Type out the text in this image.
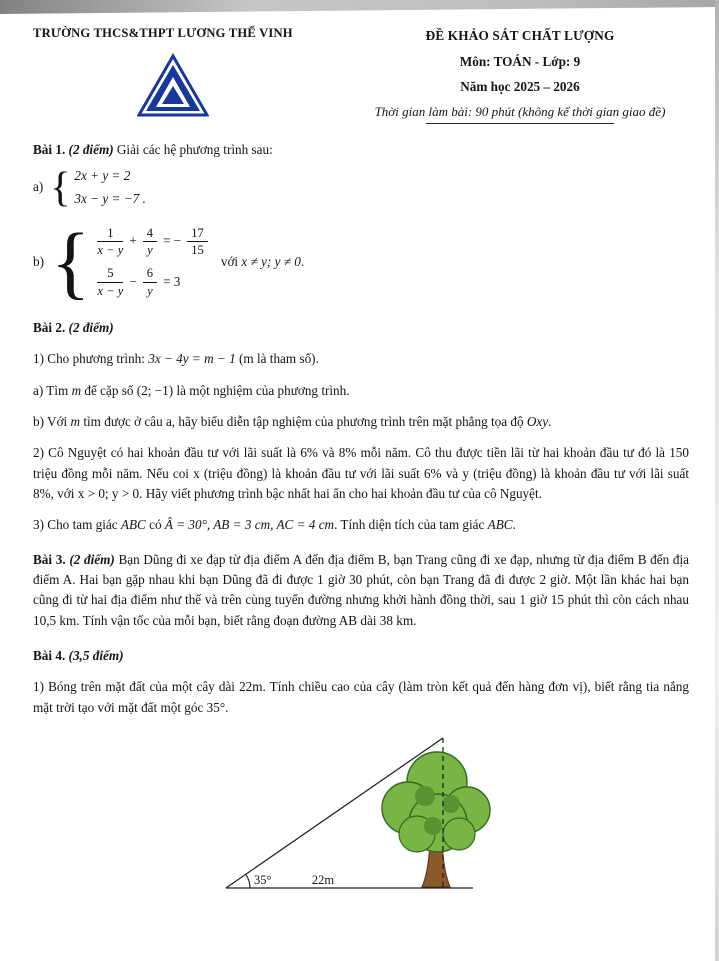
TRƯỜNG THCS&THPT LƯƠNG THẾ VINH	ĐỀ KHẢO SÁT CHẤT LƯỢNG
Môn: TOÁN - Lớp: 9
Năm học 2025 – 2026
Thời gian làm bài: 90 phút (không kể thời gian giao đề)
Bài 1. (2 điểm) Giải các hệ phương trình sau:
a) { 2x + y = 2
3x − y = −7 .
b) { $\frac{1}{x - y} + \frac{4}{y}$ = − $\frac{17}{15}$
$\frac{5}{x - y} - \frac{6}{y} = 3$
với x ≠ y; y ≠ 0.
Bài 2. (2 điểm)

1) Cho phương trình: 3x − 4y = m − 1 (m là tham số).

a) Tìm m để cặp số (2; −1) là một nghiệm của phương trình.

b) Với m tìm được ở câu a, hãy biểu diễn tập nghiệm của phương trình trên mặt phẳng tọa độ Oxy.

2) Cô Nguyệt có hai khoản đầu tư với lãi suất là 6% và 8% mỗi năm. Cô thu được tiền lãi từ hai khoản đầu tư đó là 150 triệu đồng mỗi năm. Nếu coi x (triệu đồng) là khoản đầu tư với lãi suất 6% và y (triệu đồng) là khoản đầu tư với lãi suất 8%, với x > 0; y > 0. Hãy viết phương trình bậc nhất hai ẩn cho hai khoản đầu tư của cô Nguyệt.

3) Cho tam giác ABC có Â = 30°, AB = 3 cm, AC = 4 cm. Tính diện tích của tam giác ABC.

Bài 3. (2 điểm) Bạn Dũng đi xe đạp từ địa điểm A đến địa điểm B, bạn Trang cũng đi xe đạp, nhưng từ địa điểm B đến địa điểm A. Hai bạn gặp nhau khi bạn Dũng đã đi được 1 giờ 30 phút, còn bạn Trang đã đi được 2 giờ. Một lần khác hai bạn cũng đi từ hai địa điểm như thế và trên cùng tuyến đường nhưng khởi hành đồng thời, sau 1 giờ 15 phút thì còn cách nhau 10,5 km. Tính vận tốc của mỗi bạn, biết rằng đoạn đường AB dài 38 km.

Bài 4. (3,5 điểm)

1) Bóng trên mặt đất của một cây dài 22m. Tính chiều cao của cây (làm tròn kết quả đến hàng đơn vị), biết rằng tia nắng mặt trời tạo với mặt đất một góc 35°.

35°	22m
